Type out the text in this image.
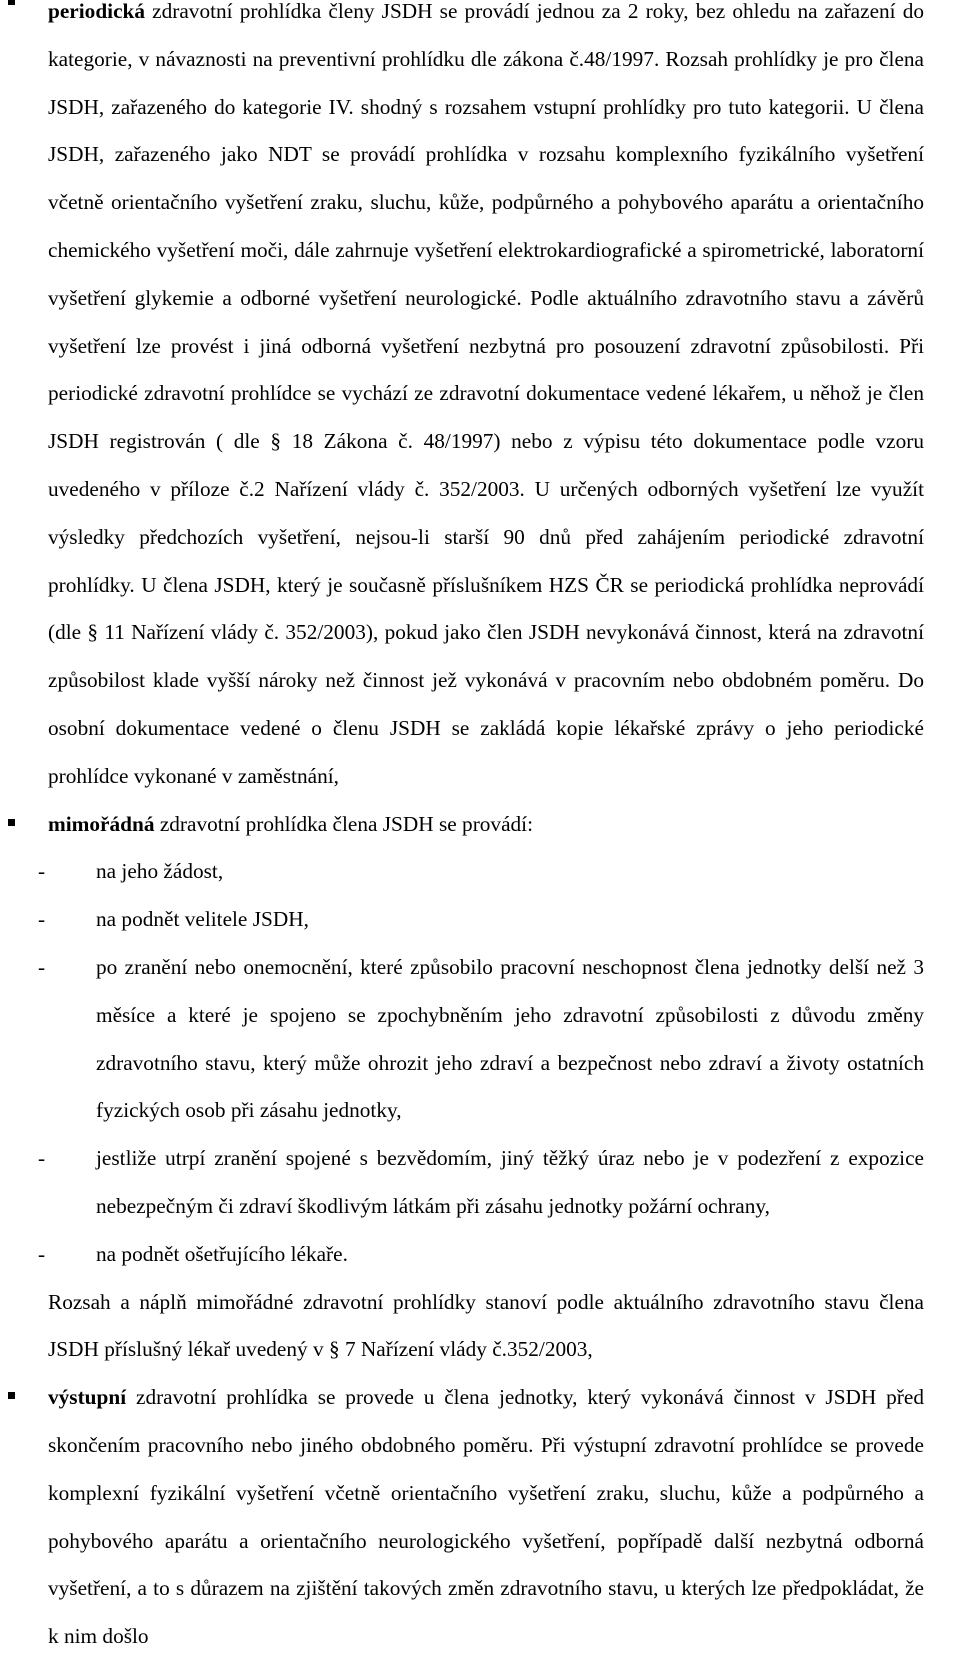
periodická zdravotní prohlídka členy JSDH se provádí jednou za 2 roky, bez ohledu na zařazení do kategorie, v návaznosti na preventivní prohlídku dle zákona č.48/1997. Rozsah prohlídky je pro člena JSDH, zařazeného do kategorie IV. shodný s rozsahem vstupní prohlídky pro tuto kategorii. U člena JSDH, zařazeného jako NDT se provádí prohlídka v rozsahu komplexního fyzikálního vyšetření včetně orientačního vyšetření zraku, sluchu, kůže, podpůrného a pohybového aparátu a orientačního chemického vyšetření moči, dále zahrnuje vyšetření elektrokardiografické a spirometrické, laboratorní vyšetření glykemie a odborné vyšetření neurologické. Podle aktuálního zdravotního stavu a závěrů vyšetření lze provést i jiná odborná vyšetření nezbytná pro posouzení zdravotní způsobilosti. Při periodické zdravotní prohlídce se vychází ze zdravotní dokumentace vedené lékařem, u něhož je člen JSDH registrován ( dle § 18 Zákona č. 48/1997) nebo z výpisu této dokumentace podle vzoru uvedeného v příloze č.2 Nařízení vlády č. 352/2003. U určených odborných vyšetření lze využít výsledky předchozích vyšetření, nejsou-li starší 90 dnů před zahájením periodické zdravotní prohlídky. U člena JSDH, který je současně příslušníkem HZS ČR se periodická prohlídka neprovádí (dle § 11 Nařízení vlády č. 352/2003), pokud jako člen JSDH nevykonává činnost, která na zdravotní způsobilost klade vyšší nároky než činnost jež vykonává v pracovním nebo obdobném poměru. Do osobní dokumentace vedené o členu JSDH se zakládá kopie lékařské zprávy o jeho periodické prohlídce vykonané v zaměstnání,

mimořádná zdravotní prohlídka člena JSDH se provádí:

- na jeho žádost,
- na podnět velitele JSDH,
- po zranění nebo onemocnění, které způsobilo pracovní neschopnost člena jednotky delší než 3 měsíce a které je spojeno se zpochybněním jeho zdravotní způsobilosti z důvodu změny zdravotního stavu, který může ohrozit jeho zdraví a bezpečnost nebo zdraví a životy ostatních fyzických osob při zásahu jednotky,
- jestliže utrpí zranění spojené s bezvědomím, jiný těžký úraz nebo je v podezření z expozice nebezpečným či zdraví škodlivým látkám při zásahu jednotky požární ochrany,
- na podnět ošetřujícího lékaře.

Rozsah a náplň mimořádné zdravotní prohlídky stanoví podle aktuálního zdravotního stavu člena JSDH příslušný lékař uvedený v § 7 Nařízení vlády č.352/2003,

výstupní zdravotní prohlídka se provede u člena jednotky, který vykonává činnost v JSDH před skončením pracovního nebo jiného obdobného poměru. Při výstupní zdravotní prohlídce se provede komplexní fyzikální vyšetření včetně orientačního vyšetření zraku, sluchu, kůže a podpůrného a pohybového aparátu a orientačního neurologického vyšetření, popřípadě další nezbytná odborná vyšetření, a to s důrazem na zjištění takových změn zdravotního stavu, u kterých lze předpokládat, že k nim došlo
